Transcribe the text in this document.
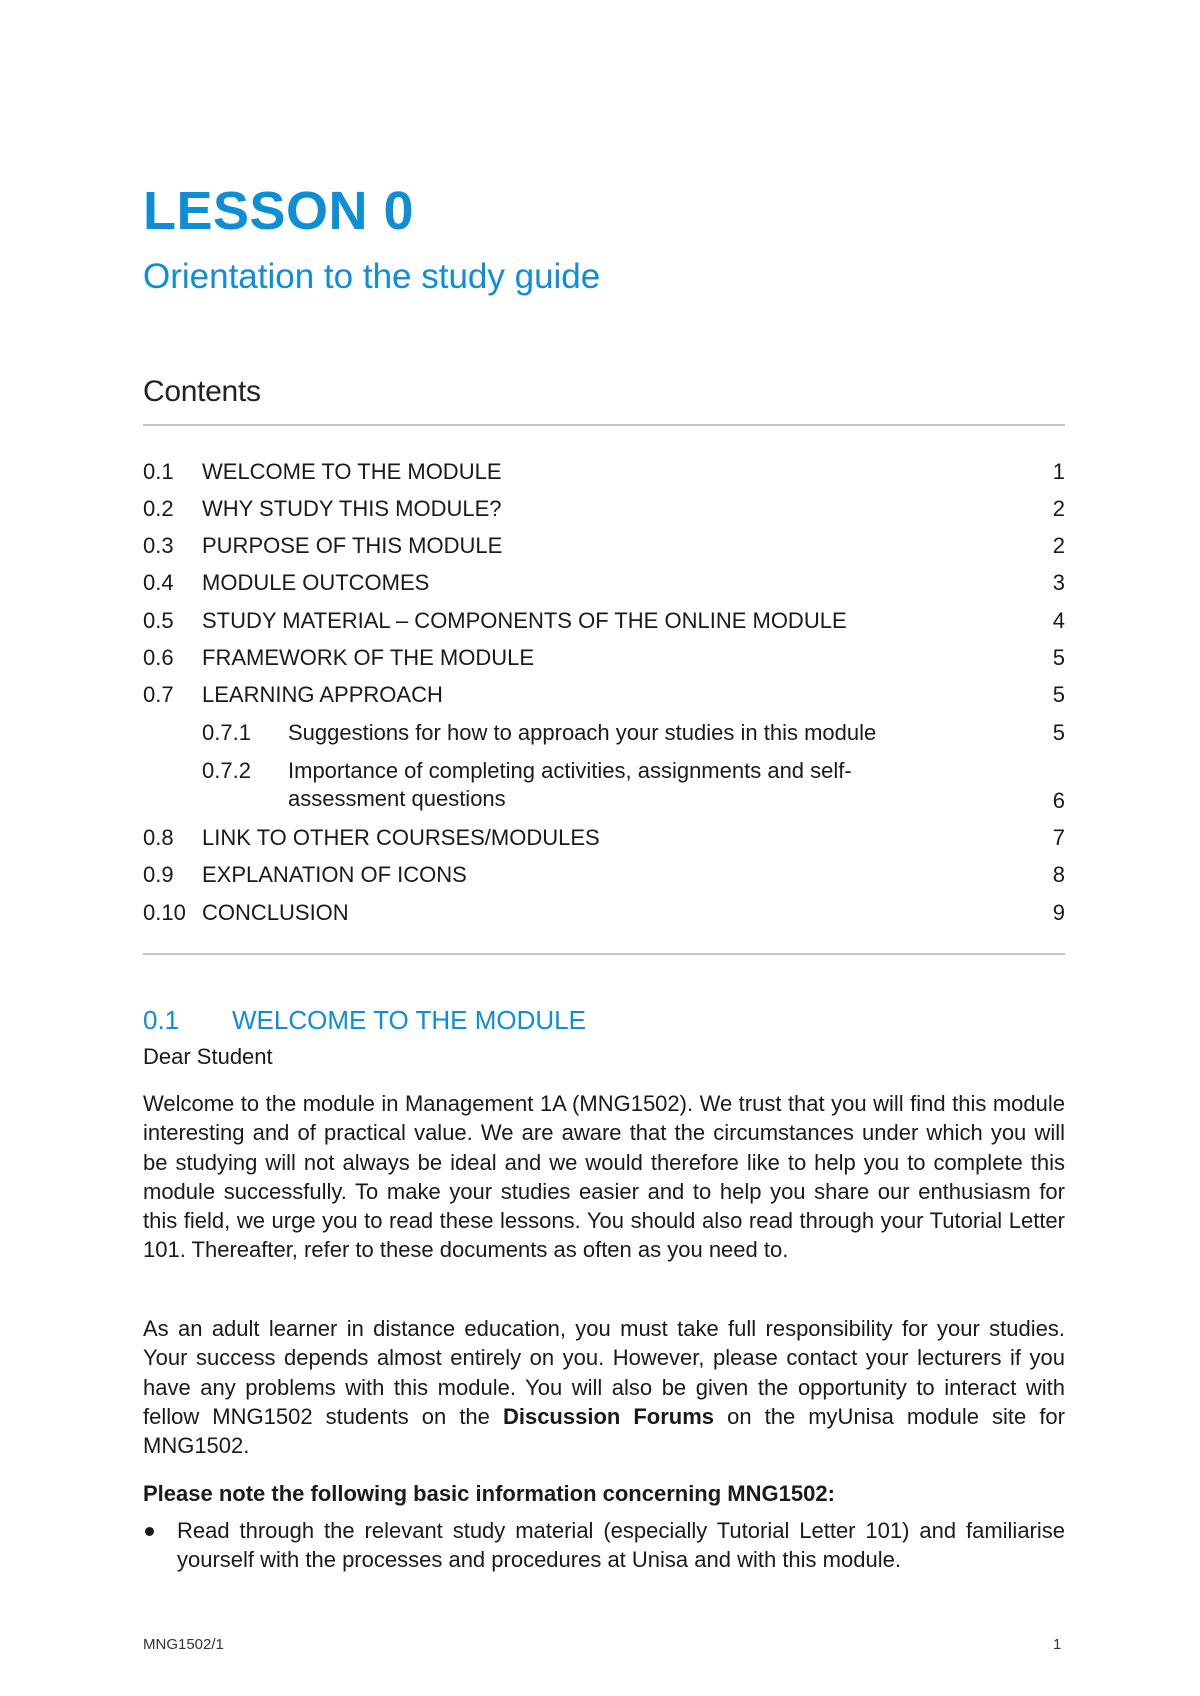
LESSON 0
Orientation to the study guide
Contents
0.1 WELCOME TO THE MODULE	1
0.2 WHY STUDY THIS MODULE?	2
0.3 PURPOSE OF THIS MODULE	2
0.4 MODULE OUTCOMES	3
0.5 STUDY MATERIAL – COMPONENTS OF THE ONLINE MODULE	4
0.6 FRAMEWORK OF THE MODULE	5
0.7 LEARNING APPROACH	5
0.7.1 Suggestions for how to approach your studies in this module	5
0.7.2 Importance of completing activities, assignments and self-assessment questions	6
0.8 LINK TO OTHER COURSES/MODULES	7
0.9 EXPLANATION OF ICONS	8
0.10 CONCLUSION	9
0.1 WELCOME TO THE MODULE

Dear Student

Welcome to the module in Management 1A (MNG1502). We trust that you will find this module interesting and of practical value. We are aware that the circumstances under which you will be studying will not always be ideal and we would therefore like to help you to complete this module successfully. To make your studies easier and to help you share our enthusiasm for this field, we urge you to read these lessons. You should also read through your Tutorial Letter 101. Thereafter, refer to these documents as often as you need to.

As an adult learner in distance education, you must take full responsibility for your studies. Your success depends almost entirely on you. However, please contact your lecturers if you have any problems with this module. You will also be given the opportunity to interact with fellow MNG1502 students on the Discussion Forums on the myUnisa module site for MNG1502.

Please note the following basic information concerning MNG1502:

Read through the relevant study material (especially Tutorial Letter 101) and familiarise yourself with the processes and procedures at Unisa and with this module.

MNG1502/1	1
